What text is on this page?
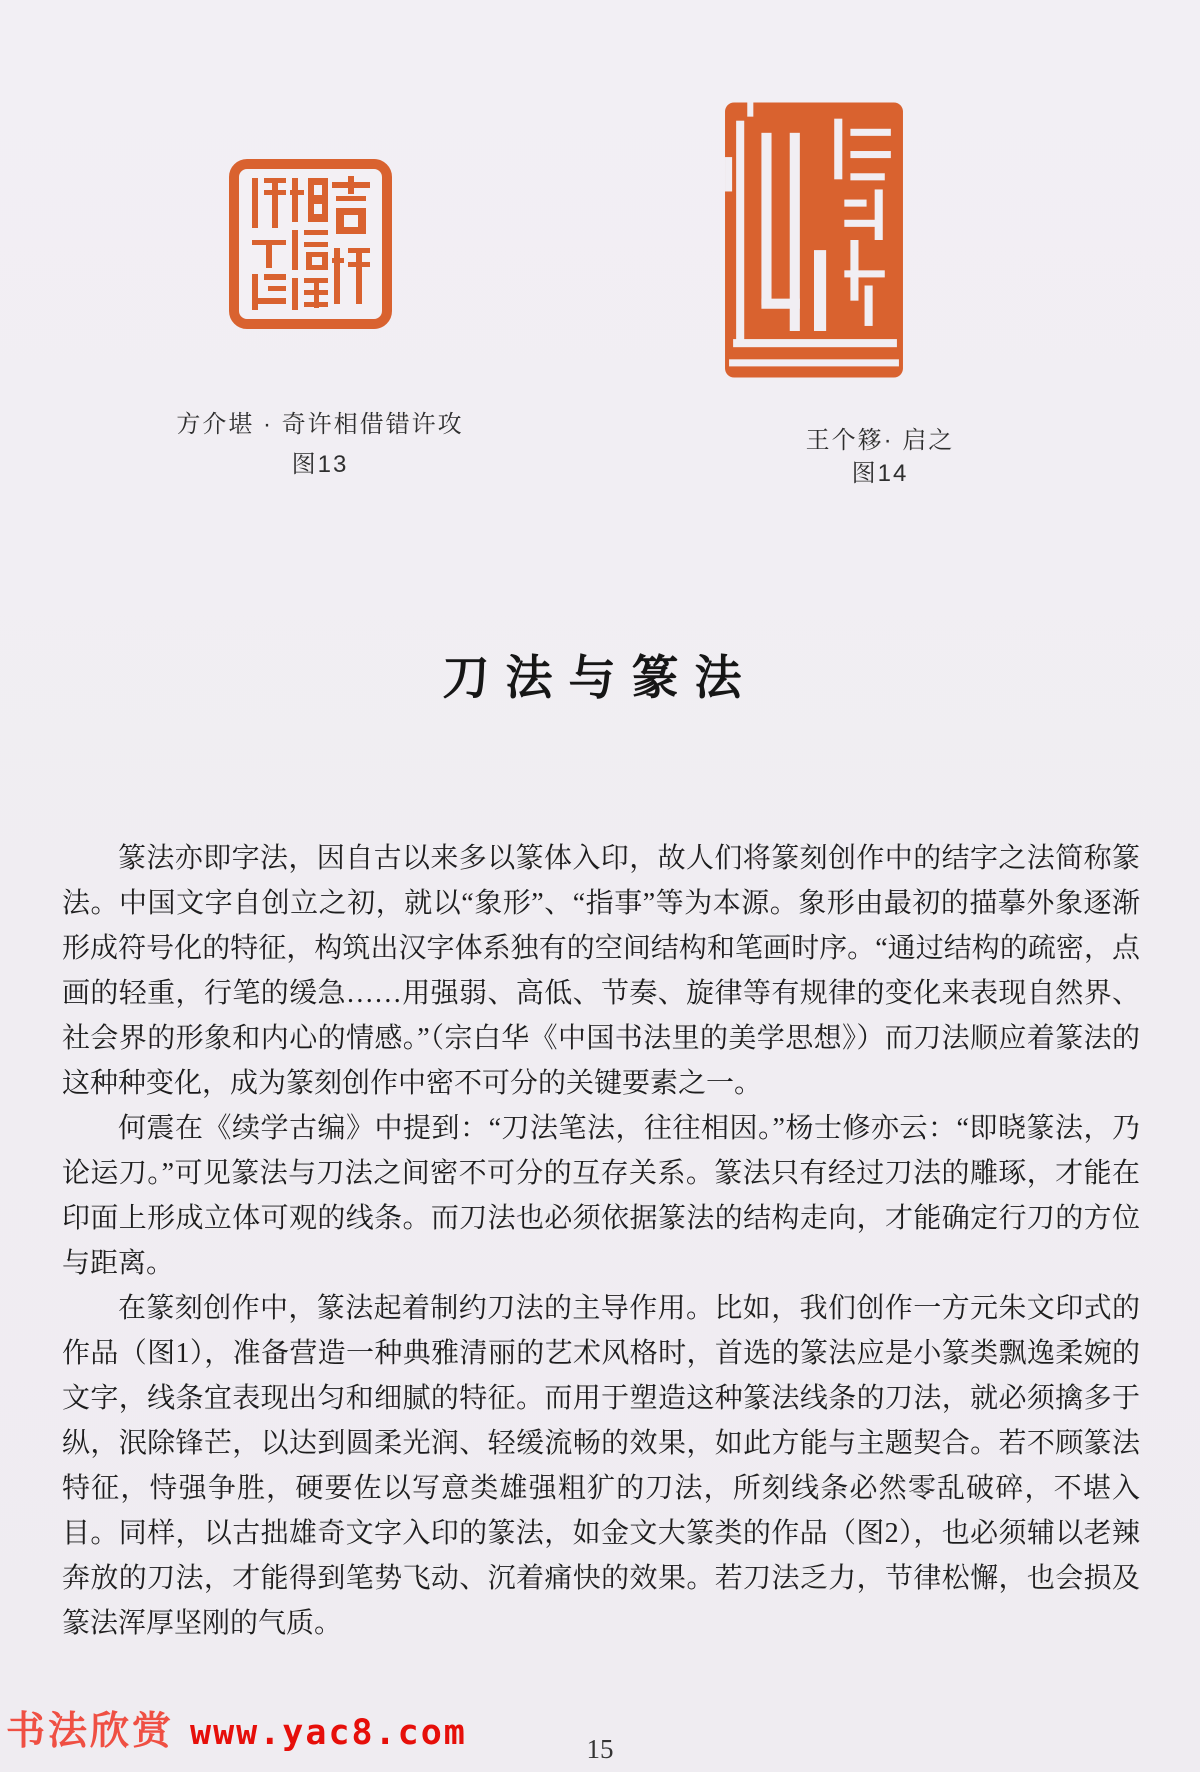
方介堪 · 奇许相借错许攻
图13
王个簃· 启之
图14
刀法与篆法

篆法亦即字法，因自古以来多以篆体入印，故人们将篆刻创作中的结字之法简称篆法。中国文字自创立之初，就以“象形”、“指事”等为本源。象形由最初的描摹外象逐渐形成符号化的特征，构筑出汉字体系独有的空间结构和笔画时序。“通过结构的疏密，点画的轻重，行笔的缓急……用强弱、高低、节奏、旋律等有规律的变化来表现自然界、社会界的形象和内心的情感。”（宗白华《中国书法里的美学思想》）而刀法顺应着篆法的这种种变化，成为篆刻创作中密不可分的关键要素之一。

何震在《续学古编》中提到：“刀法笔法，往往相因。”杨士修亦云：“即晓篆法，乃论运刀。”可见篆法与刀法之间密不可分的互存关系。篆法只有经过刀法的雕琢，才能在印面上形成立体可观的线条。而刀法也必须依据篆法的结构走向，才能确定行刀的方位与距离。

在篆刻创作中，篆法起着制约刀法的主导作用。比如，我们创作一方元朱文印式的作品（图1），准备营造一种典雅清丽的艺术风格时，首选的篆法应是小篆类飘逸柔婉的文字，线条宜表现出匀和细腻的特征。而用于塑造这种篆法线条的刀法，就必须擒多于纵，泯除锋芒，以达到圆柔光润、轻缓流畅的效果，如此方能与主题契合。若不顾篆法特征，恃强争胜，硬要佐以写意类雄强粗犷的刀法，所刻线条必然零乱破碎，不堪入目。同样，以古拙雄奇文字入印的篆法，如金文大篆类的作品（图2），也必须辅以老辣奔放的刀法，才能得到笔势飞动、沉着痛快的效果。若刀法乏力，节律松懈，也会损及篆法浑厚坚刚的气质。

书法欣赏 www.yac8.com	15
